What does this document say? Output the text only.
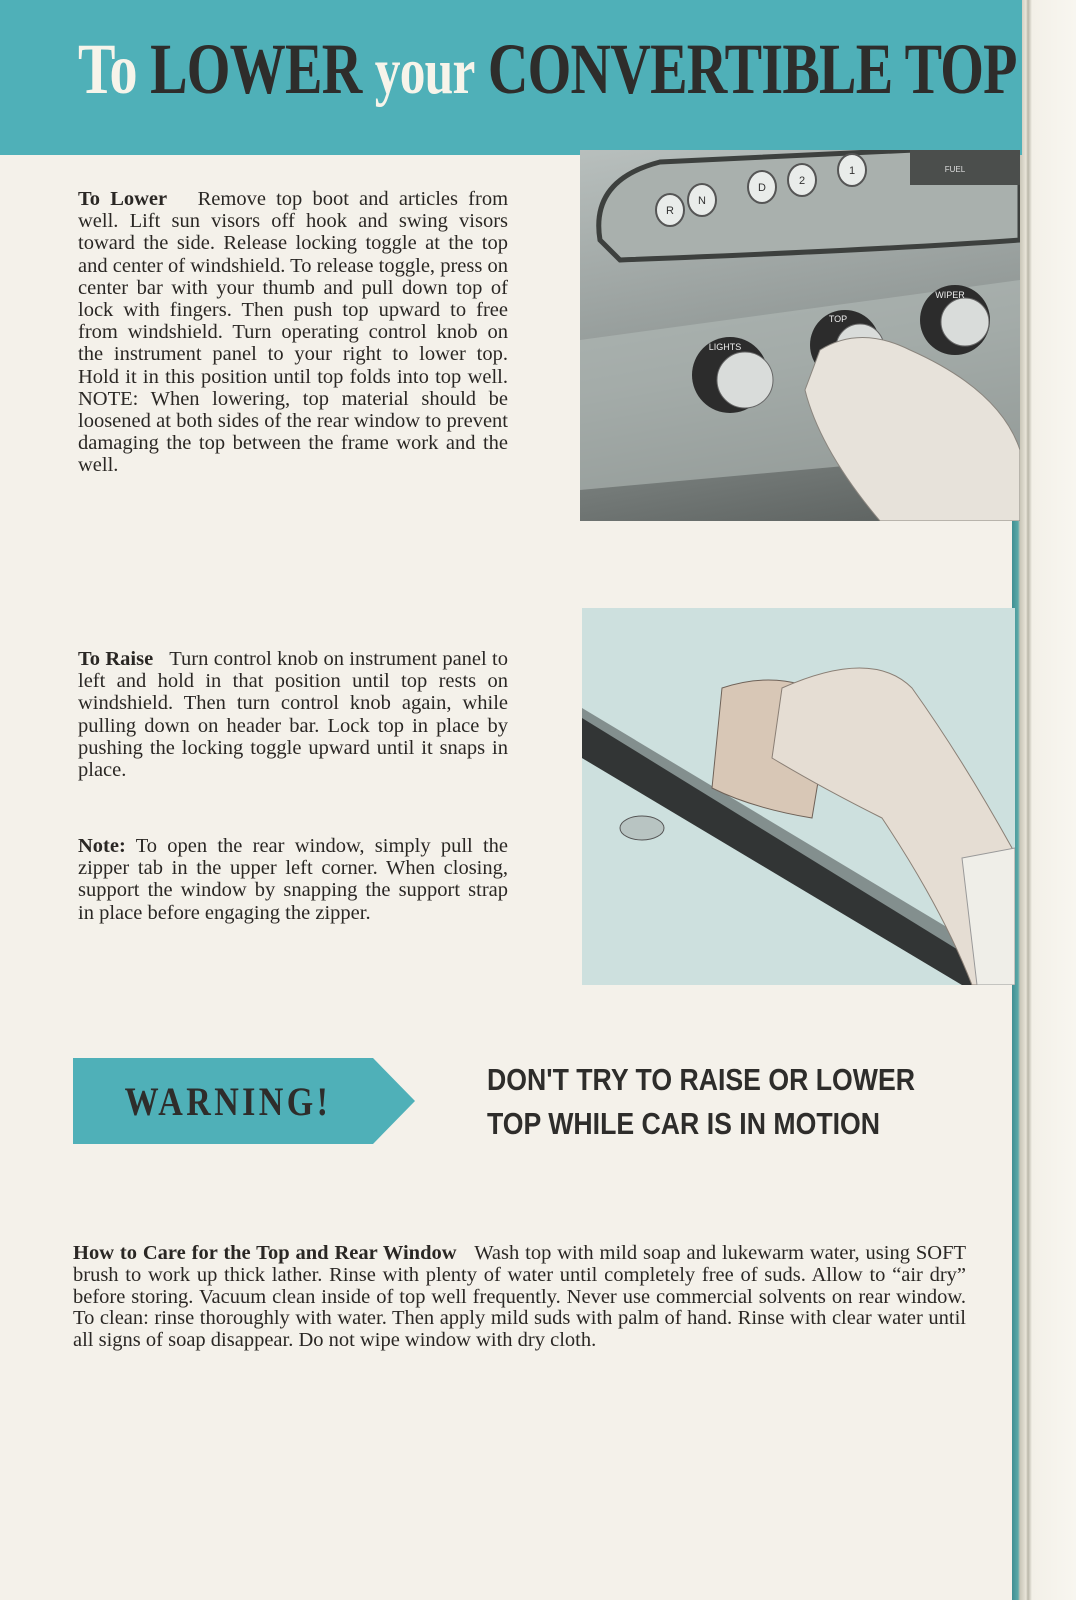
To LOWER your CONVERTIBLE TOP
To Lower Remove top boot and articles from well. Lift sun visors off hook and swing visors toward the side. Release locking toggle at the top and center of windshield. To release toggle, press on center bar with your thumb and pull down top of lock with fingers. Then push top upward to free from windshield. Turn operating control knob on the instrument panel to your right to lower top. Hold it in this position until top folds into top well. NOTE: When lowering, top material should be loosened at both sides of the rear window to prevent damaging the top between the frame work and the well.
FUEL
R
N
D
2
1
LIGHTS
TOP
WIPER
To Raise Turn control knob on instrument panel to left and hold in that position until top rests on windshield. Then turn control knob again, while pulling down on header bar. Lock top in place by pushing the locking toggle upward until it snaps in place.
Note: To open the rear window, simply pull the zipper tab in the upper left corner. When closing, support the window by snapping the support strap in place before engaging the zipper.
WARNING!	DON'T TRY TO RAISE OR LOWER
TOP WHILE CAR IS IN MOTION
How to Care for the Top and Rear Window Wash top with mild soap and lukewarm water, using SOFT brush to work up thick lather. Rinse with plenty of water until completely free of suds. Allow to “air dry” before storing. Vacuum clean inside of top well frequently. Never use commercial solvents on rear window. To clean: rinse thoroughly with water. Then apply mild suds with palm of hand. Rinse with clear water until all signs of soap disappear. Do not wipe window with dry cloth.
